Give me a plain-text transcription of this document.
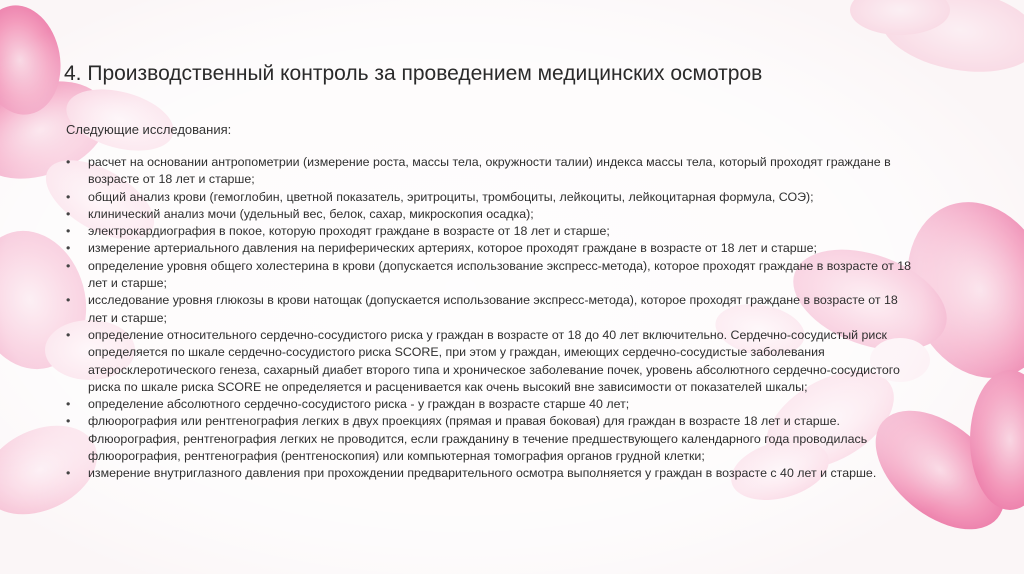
4. Производственный контроль за проведением медицинских осмотров
Следующие исследования:
• расчет на основании антропометрии (измерение роста, массы тела, окружности талии) индекса массы тела, который проходят граждане в возрасте от 18 лет и старше;
• общий анализ крови (гемоглобин, цветной показатель, эритроциты, тромбоциты, лейкоциты, лейкоцитарная формула, СОЭ);
• клинический анализ мочи (удельный вес, белок, сахар, микроскопия осадка);
• электрокардиография в покое, которую проходят граждане в возрасте от 18 лет и старше;
• измерение артериального давления на периферических артериях, которое проходят граждане в возрасте от 18 лет и старше;
• определение уровня общего холестерина в крови (допускается использование экспресс-метода), которое проходят граждане в возрасте от 18 лет и старше;
• исследование уровня глюкозы в крови натощак (допускается использование экспресс-метода), которое проходят граждане в возрасте от 18 лет и старше;
• определение относительного сердечно-сосудистого риска у граждан в возрасте от 18 до 40 лет включительно. Сердечно-сосудистый риск определяется по шкале сердечно-сосудистого риска SCORE, при этом у граждан, имеющих сердечно-сосудистые заболевания атеросклеротического генеза, сахарный диабет второго типа и хроническое заболевание почек, уровень абсолютного сердечно-сосудистого риска по шкале риска SCORE не определяется и расценивается как очень высокий вне зависимости от показателей шкалы;
• определение абсолютного сердечно-сосудистого риска - у граждан в возрасте старше 40 лет;
• флюорография или рентгенография легких в двух проекциях (прямая и правая боковая) для граждан в возрасте 18 лет и старше. Флюорография, рентгенография легких не проводится, если гражданину в течение предшествующего календарного года проводилась флюорография, рентгенография (рентгеноскопия) или компьютерная томография органов грудной клетки;
• измерение внутриглазного давления при прохождении предварительного осмотра выполняется у граждан в возрасте с 40 лет и старше.
